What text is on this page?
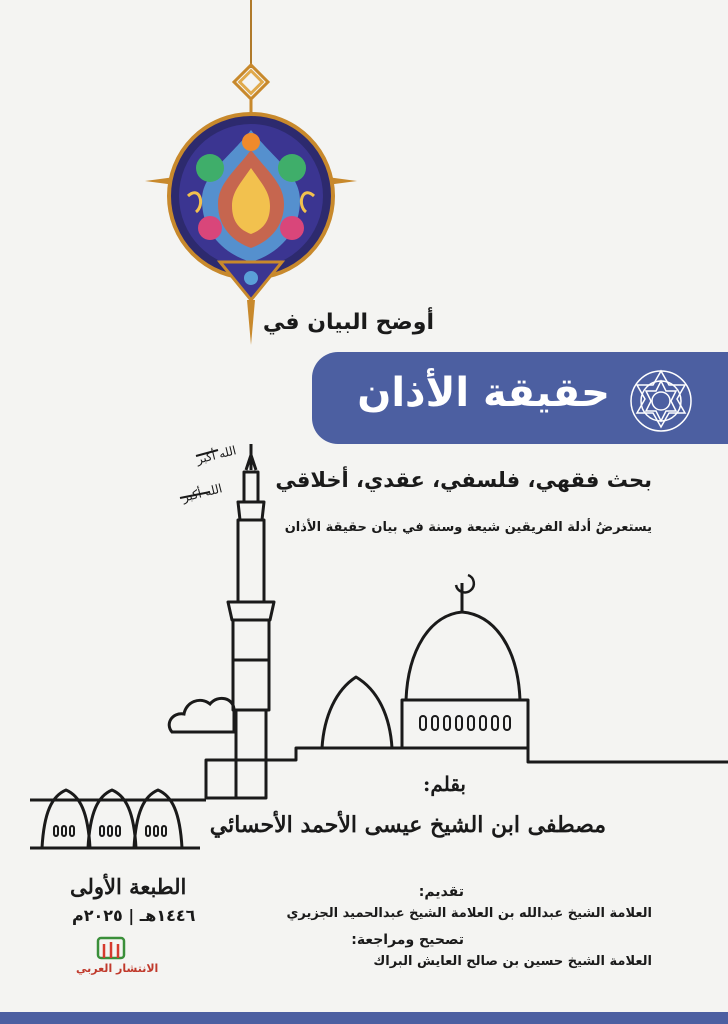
أوضح البيان في
حقيقة الأذان
بحث فقهي، فلسفي، عقدي، أخلاقي
يستعرضُ أدلة الفريقين شيعة وسنة في بيان حقيقة الأذان
الله أكبر
الله أكبر
بقلم:
مصطفى ابن الشيخ عيسى الأحمد الأحسائي
الطبعة الأولى
١٤٤٦هـ | ٢٠٢٥م
الانتشار العربي
تقديم:
العلامة الشيخ عبدالله بن العلامة الشيخ عبدالحميد الجزيري
تصحيح ومراجعة:
العلامة الشيخ حسين بن صالح العايش البراك
